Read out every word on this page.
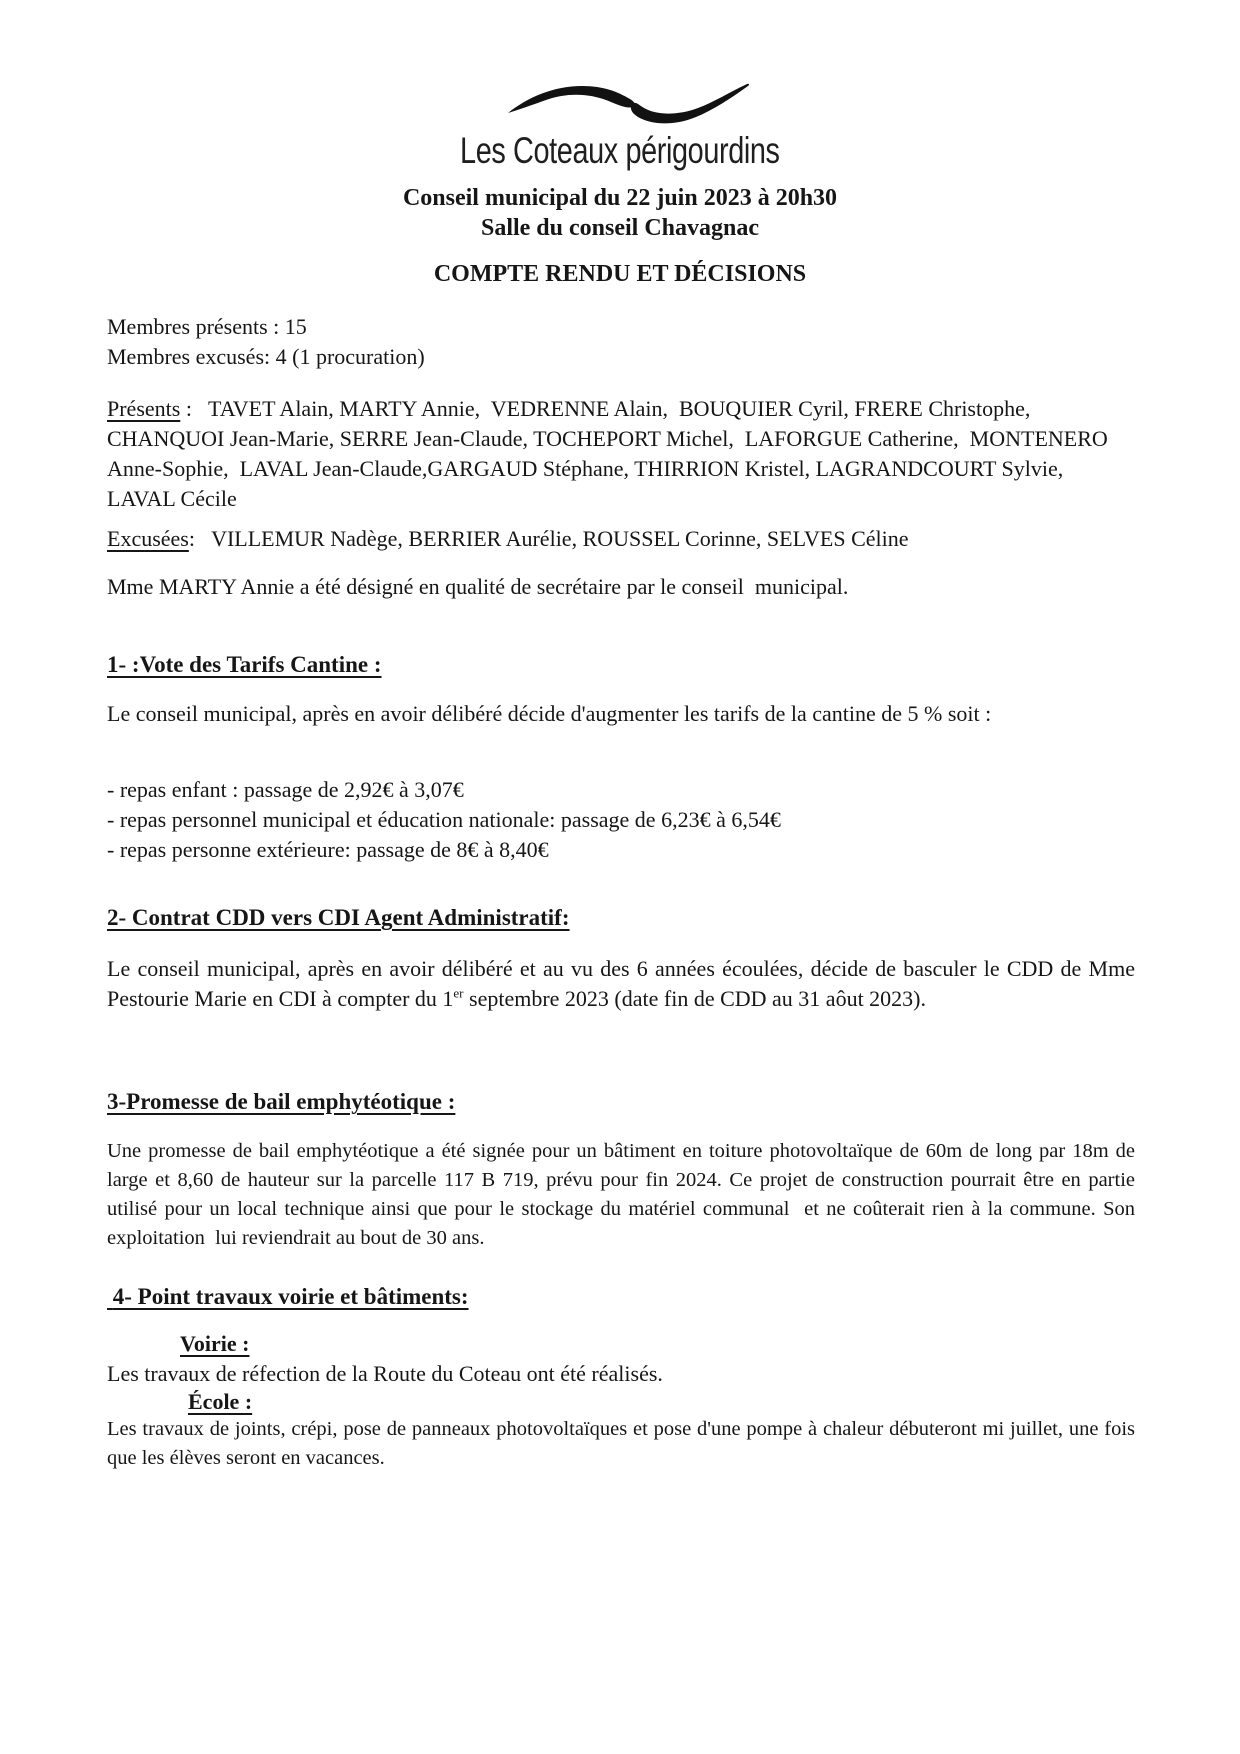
Les Coteaux périgourdins

Conseil municipal du 22 juin 2023 à 20h30

Salle du conseil Chavagnac

COMPTE RENDU ET DÉCISIONS

Membres présents : 15

Membres excusés: 4 (1 procuration)

Présents :   TAVET Alain, MARTY Annie,  VEDRENNE Alain,  BOUQUIER Cyril, FRERE Christophe, CHANQUOI Jean-Marie, SERRE Jean-Claude, TOCHEPORT Michel,  LAFORGUE Catherine,  MONTENERO Anne-Sophie,  LAVAL Jean-Claude,GARGAUD Stéphane, THIRRION Kristel, LAGRANDCOURT Sylvie, LAVAL Cécile

Excusées:   VILLEMUR Nadège, BERRIER Aurélie, ROUSSEL Corinne, SELVES Céline

Mme MARTY Annie a été désigné en qualité de secrétaire par le conseil  municipal.

1- :Vote des Tarifs Cantine :

Le conseil municipal, après en avoir délibéré décide d'augmenter les tarifs de la cantine de 5 % soit :

- repas enfant : passage de 2,92€ à 3,07€

- repas personnel municipal et éducation nationale: passage de 6,23€ à 6,54€

- repas personne extérieure: passage de 8€ à 8,40€

2- Contrat CDD vers CDI Agent Administratif:

Le conseil municipal, après en avoir délibéré et au vu des 6 années écoulées, décide de basculer le CDD de Mme Pestourie Marie en CDI à compter du 1er septembre 2023 (date fin de CDD au 31 aôut 2023).

3-Promesse de bail emphytéotique :

Une promesse de bail emphytéotique a été signée pour un bâtiment en toiture photovoltaïque de 60m de long par 18m de large et 8,60 de hauteur sur la parcelle 117 B 719, prévu pour fin 2024. Ce projet de construction pourrait être en partie utilisé pour un local technique ainsi que pour le stockage du matériel communal  et ne coûterait rien à la commune. Son exploitation  lui reviendrait au bout de 30 ans.

4- Point travaux voirie et bâtiments:

Voirie :

Les travaux de réfection de la Route du Coteau ont été réalisés.

École :

Les travaux de joints, crépi, pose de panneaux photovoltaïques et pose d'une pompe à chaleur débuteront mi juillet, une fois que les élèves seront en vacances.
